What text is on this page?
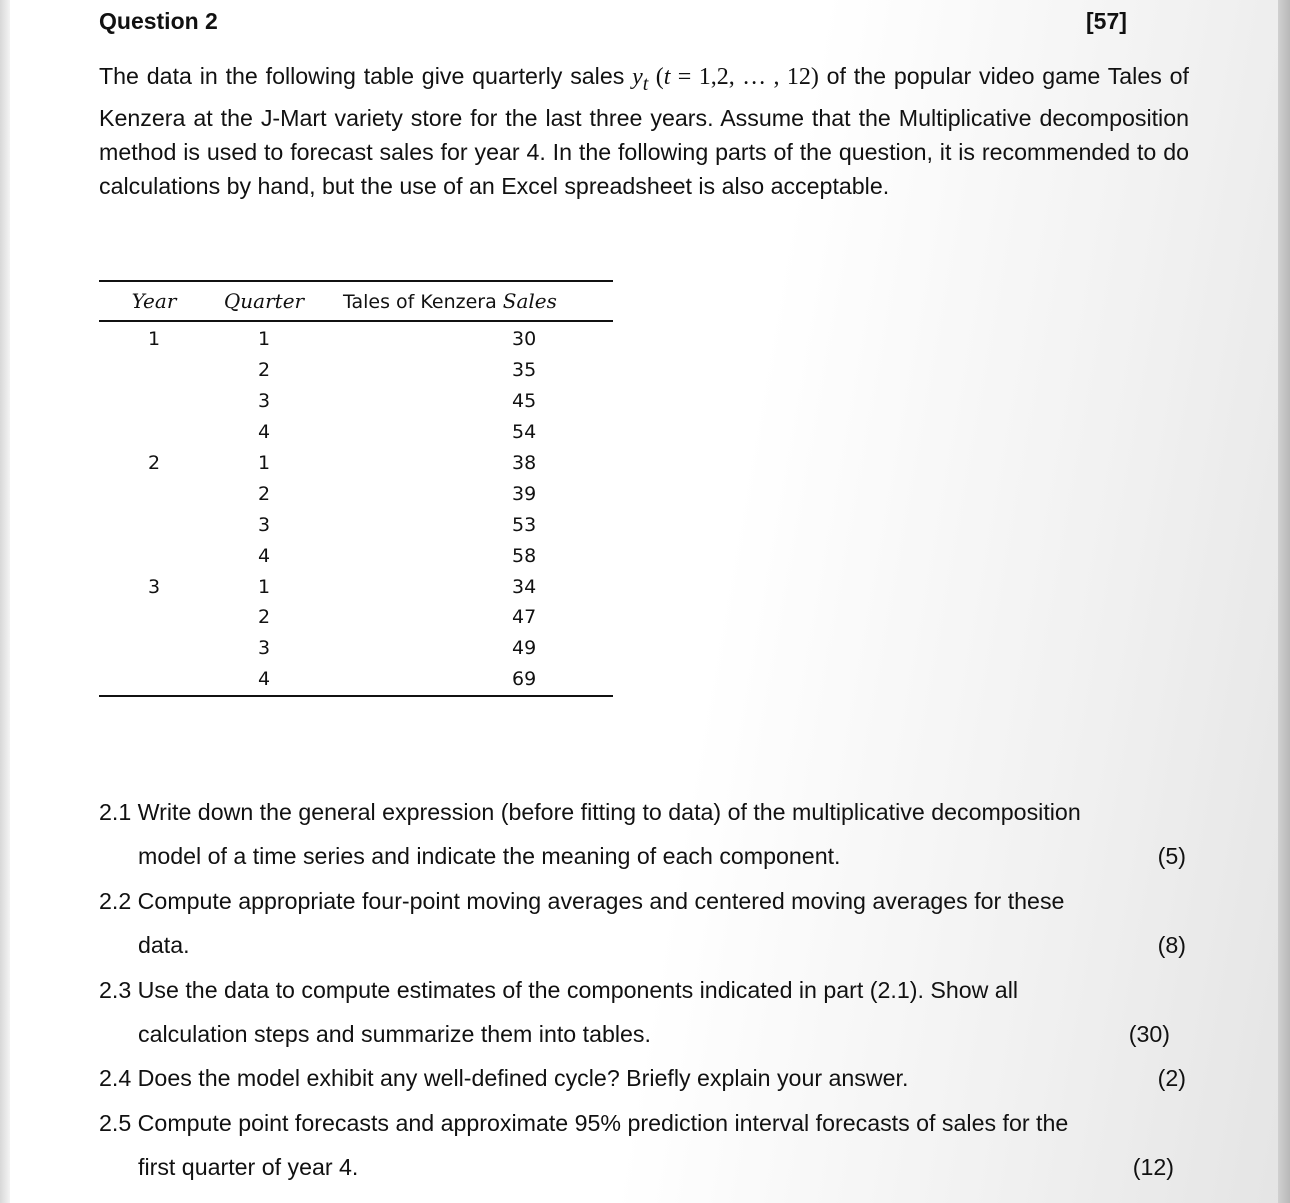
Question 2	[57]

The data in the following table give quarterly sales $y_t$ (t = 1,2, … , 12) of the popular video game Tales of Kenzera at the J-Mart variety store for the last three years. Assume that the Multiplicative decomposition method is used to forecast sales for year 4. In the following parts of the question, it is recommended to do calculations by hand, but the use of an Excel spreadsheet is also acceptable.

Year	Quarter	Tales of Kenzera Sales
1	1	30
	2	35
	3	45
	4	54
2	1	38
	2	39
	3	53
	4	58
3	1	34
	2	47
	3	49
	4	69
2.1 Write down the general expression (before fitting to data) of the multiplicative decomposition
model of a time series and indicate the meaning of each component.	(5)
2.2 Compute appropriate four-point moving averages and centered moving averages for these
data.	(8)
2.3 Use the data to compute estimates of the components indicated in part (2.1). Show all
calculation steps and summarize them into tables.	(30)
2.4 Does the model exhibit any well-defined cycle? Briefly explain your answer.	(2)
2.5 Compute point forecasts and approximate 95% prediction interval forecasts of sales for the
first quarter of year 4.	(12)
